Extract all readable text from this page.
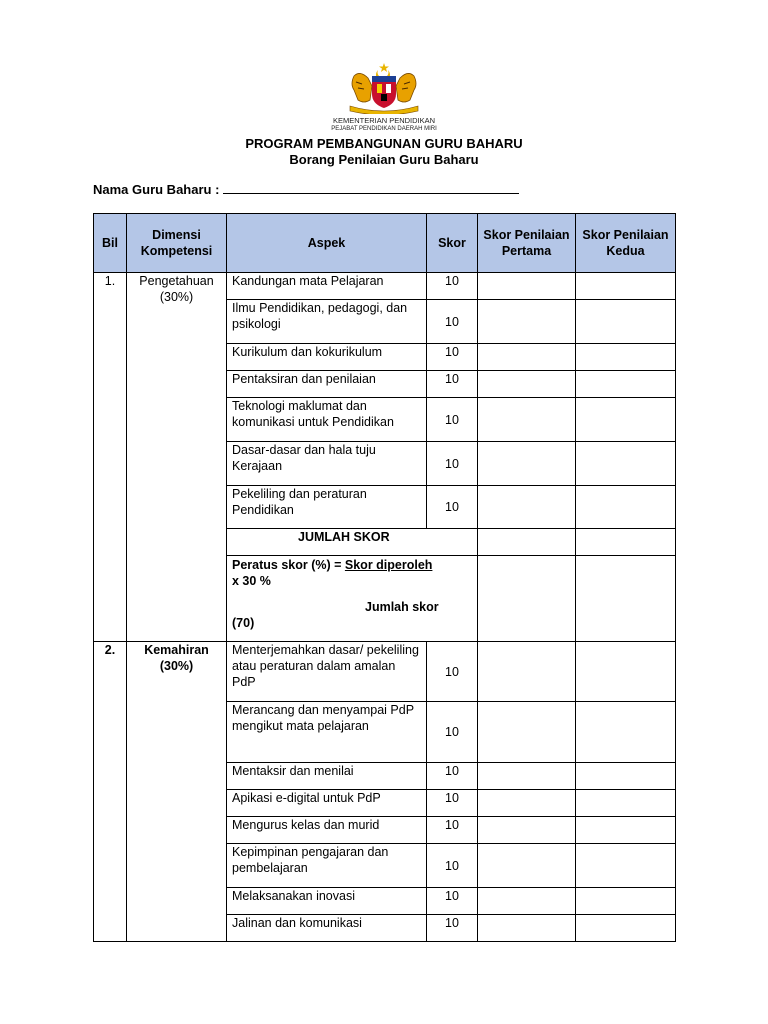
KEMENTERIAN PENDIDIKAN
PEJABAT PENDIDIKAN DAERAH MIRI
PROGRAM PEMBANGUNAN GURU BAHARU
Borang Penilaian Guru Baharu
Nama Guru Baharu :
Bil	Dimensi Kompetensi	Aspek	Skor	Skor Penilaian Pertama	Skor Penilaian Kedua
1.	Pengetahuan (30%)	Kandungan mata Pelajaran	10		
		Ilmu Pendidikan, pedagogi, dan psikologi	10		
		Kurikulum dan kokurikulum	10		
		Pentaksiran dan penilaian	10		
		Teknologi maklumat dan komunikasi untuk Pendidikan	10		
		Dasar-dasar dan hala tuju Kerajaan	10		
		Pekeliling dan peraturan Pendidikan	10		
		JUMLAH SKOR			

		Peratus skor (%) = Skor diperoleh
x 30 %
Jumlah skor
(70)			

2.	Kemahiran (30%)	Menterjemahkan dasar/ pekeliling atau peraturan dalam amalan PdP	10		
		Merancang dan menyampai PdP mengikut mata pelajaran	10		
		Mentaksir dan menilai	10		
		Apikasi e-digital untuk PdP	10		
		Mengurus kelas dan murid	10		
		Kepimpinan pengajaran dan pembelajaran	10		
		Melaksanakan inovasi	10		
		Jalinan dan komunikasi	10		
